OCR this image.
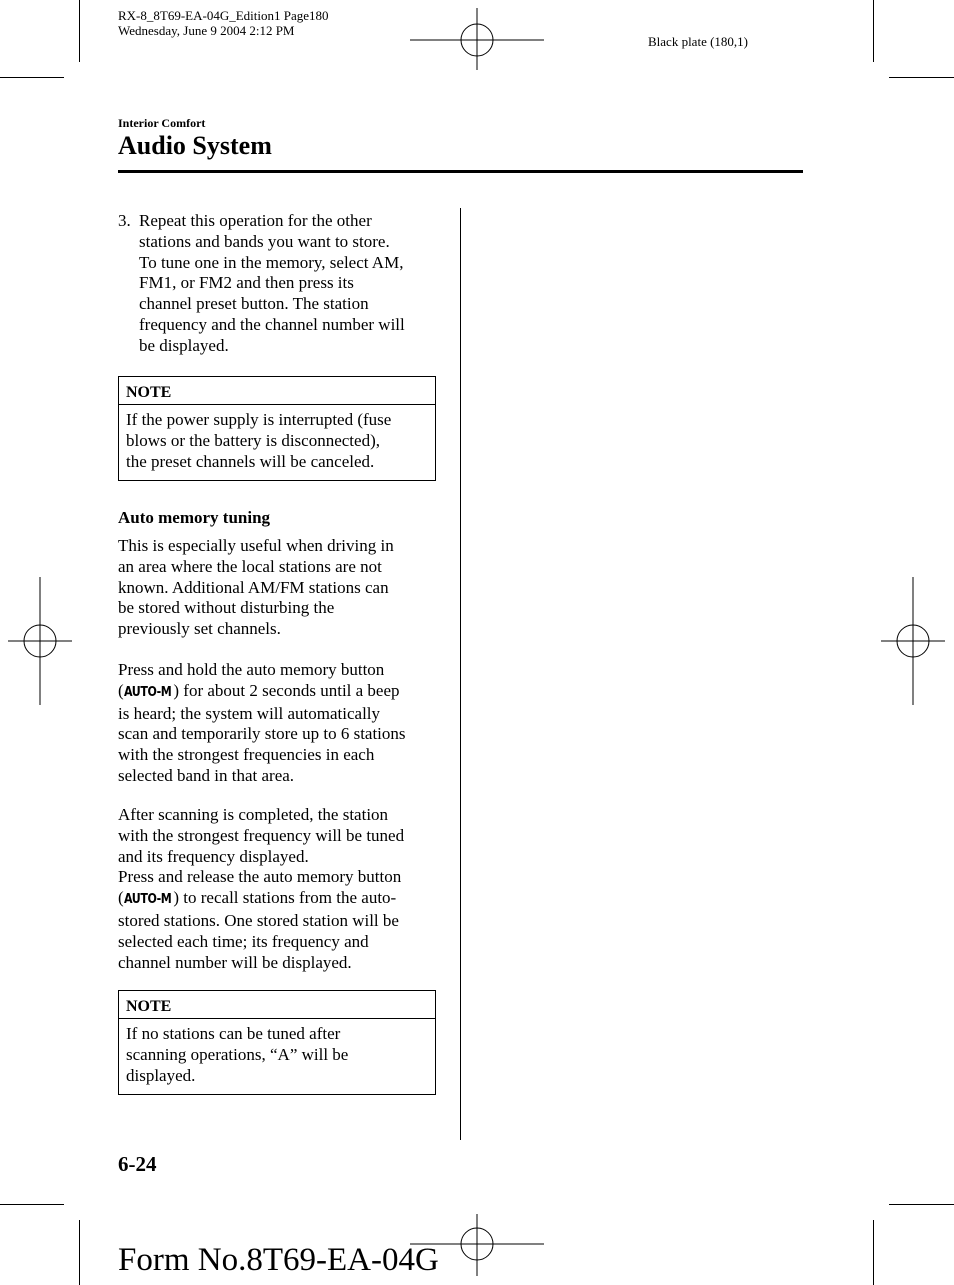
RX-8_8T69-EA-04G_Edition1 Page180
Wednesday, June 9 2004 2:12 PM
Black plate (180,1)
Interior Comfort
Audio System
3. Repeat this operation for the other
stations and bands you want to store.
To tune one in the memory, select AM,
FM1, or FM2 and then press its
channel preset button. The station
frequency and the channel number will
be displayed.
NOTE
If the power supply is interrupted (fuse
blows or the battery is disconnected),
the preset channels will be canceled.
Auto memory tuning
This is especially useful when driving in
an area where the local stations are not
known. Additional AM/FM stations can
be stored without disturbing the
previously set channels.
Press and hold the auto memory button
(AUTO-M ) for about 2 seconds until a beep
is heard; the system will automatically
scan and temporarily store up to 6 stations
with the strongest frequencies in each
selected band in that area.
After scanning is completed, the station
with the strongest frequency will be tuned
and its frequency displayed.
Press and release the auto memory button
(AUTO-M ) to recall stations from the auto-
stored stations. One stored station will be
selected each time; its frequency and
channel number will be displayed.
NOTE
If no stations can be tuned after
scanning operations, “A” will be
displayed.
6-24
Form No.8T69-EA-04G
